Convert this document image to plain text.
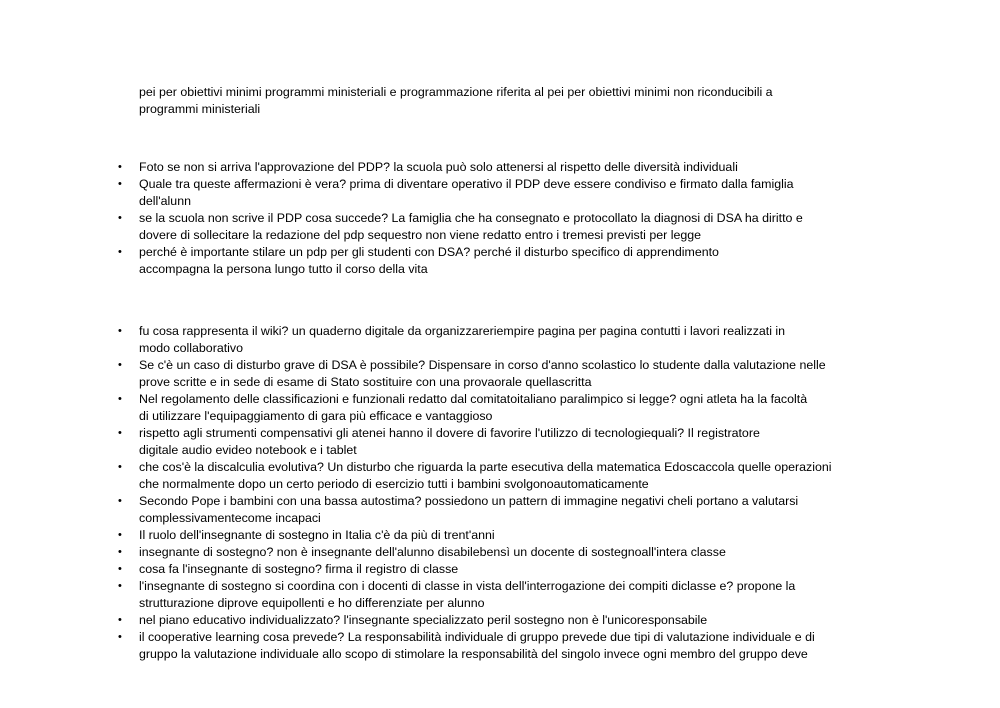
pei per obiettivi minimi programmi ministeriali e programmazione riferita al pei per obiettivi minimi non riconducibili a
programmi ministeriali

• Foto se non si arriva l'approvazione del PDP? la scuola può solo attenersi al rispetto delle diversità individuali
• Quale tra queste affermazioni è vera? prima di diventare operativo il PDP deve essere condiviso e firmato dalla famiglia
dell'alunn
• se la scuola non scrive il PDP cosa succede? La famiglia che ha consegnato e protocollato la diagnosi di DSA ha diritto e
dovere di sollecitare la redazione del pdp sequestro non viene redatto entro i tremesi previsti per legge
• perché è importante stilare un pdp per gli studenti con DSA? perché il disturbo specifico di apprendimento
accompagna la persona lungo tutto il corso della vita
• fu cosa rappresenta il wiki? un quaderno digitale da organizzareriempire pagina per pagina contutti i lavori realizzati in
modo collaborativo
• Se c'è un caso di disturbo grave di DSA è possibile? Dispensare in corso d'anno scolastico lo studente dalla valutazione nelle
prove scritte e in sede di esame di Stato sostituire con una provaorale quellascritta
• Nel regolamento delle classificazioni e funzionali redatto dal comitatoitaliano paralimpico si legge? ogni atleta ha la facoltà
di utilizzare l'equipaggiamento di gara più efficace e vantaggioso
• rispetto agli strumenti compensativi gli atenei hanno il dovere di favorire l'utilizzo di tecnologiequali? Il registratore
digitale audio evideo notebook e i tablet
• che cos'è la discalculia evolutiva? Un disturbo che riguarda la parte esecutiva della matematica Edoscaccola quelle operazioni
che normalmente dopo un certo periodo di esercizio tutti i bambini svolgonoautomaticamente
• Secondo Pope i bambini con una bassa autostima? possiedono un pattern di immagine negativi cheli portano a valutarsi
complessivamentecome incapaci
• Il ruolo dell'insegnante di sostegno in Italia c'è da più di trent'anni
• insegnante di sostegno? non è insegnante dell'alunno disabilebensì un docente di sostegnoall'intera classe
• cosa fa l'insegnante di sostegno? firma il registro di classe
• l'insegnante di sostegno si coordina con i docenti di classe in vista dell'interrogazione dei compiti diclasse e? propone la
strutturazione diprove equipollenti e ho differenziate per alunno
• nel piano educativo individualizzato? l'insegnante specializzato peril sostegno non è l'unicoresponsabile
• il cooperative learning cosa prevede? La responsabilità individuale di gruppo prevede due tipi di valutazione individuale e di
gruppo la valutazione individuale allo scopo di stimolare la responsabilità del singolo invece ogni membro del gruppo deve
